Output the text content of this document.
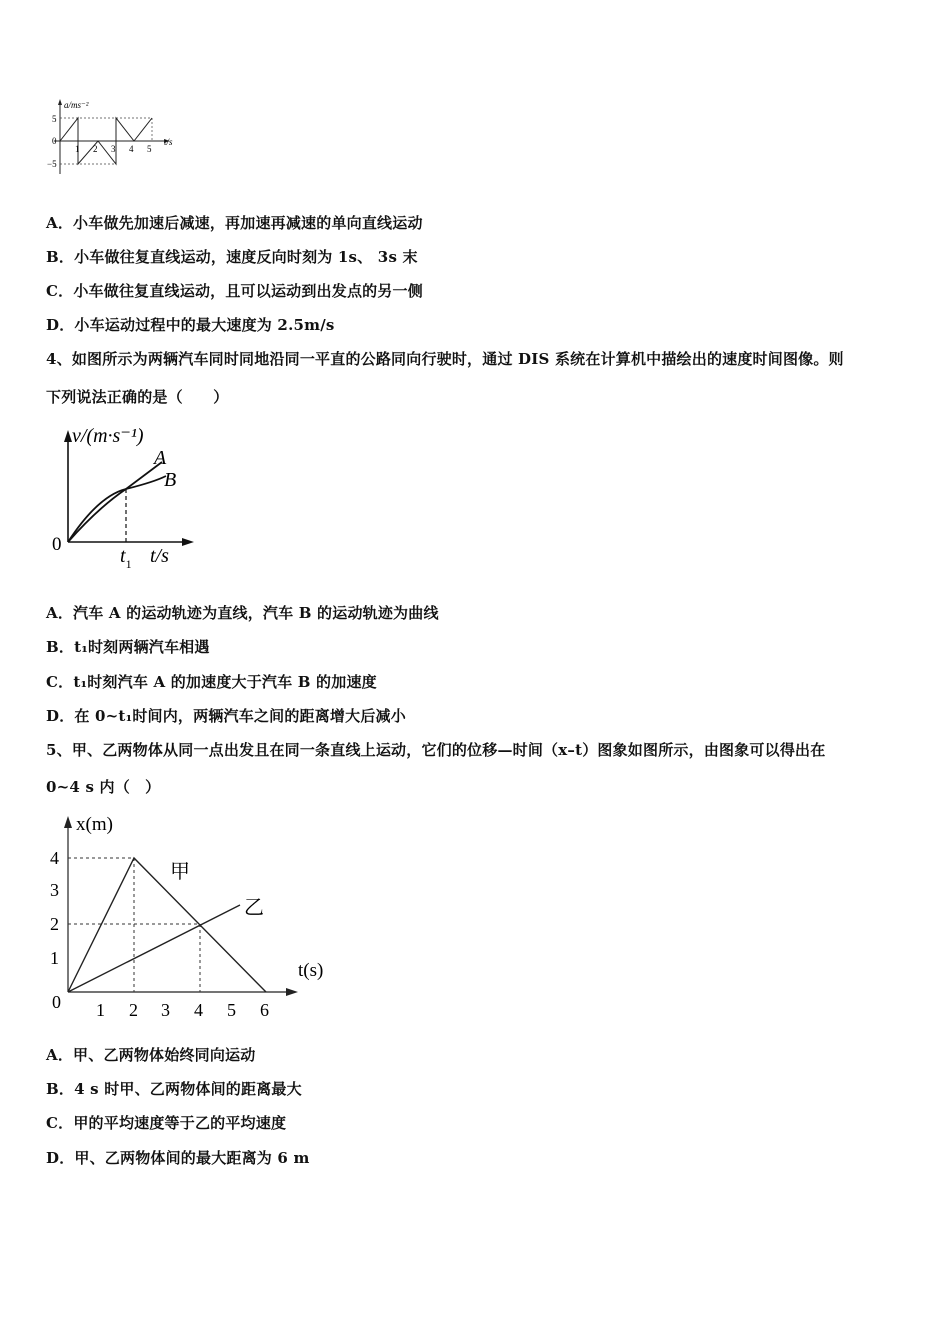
a/ms⁻²
t/s
5
0
−5
1 2 3 4 5
A．小车做先加速后减速，再加速再减速的单向直线运动
B．小车做往复直线运动，速度反向时刻为 1s、 3s 末
C．小车做往复直线运动，且可以运动到出发点的另一侧
D．小车运动过程中的最大速度为 2.5m/s
4、如图所示为两辆汽车同时同地沿同一平直的公路同向行驶时，通过 DIS 系统在计算机中描绘出的速度时间图像。则
下列说法正确的是（　　）
v/(m·s⁻¹)
t/s
0
$t_1$
A
B
A．汽车 A 的运动轨迹为直线，汽车 B 的运动轨迹为曲线
B．t₁时刻两辆汽车相遇
C．t₁时刻汽车 A 的加速度大于汽车 B 的加速度
D．在 0~t₁时间内，两辆汽车之间的距离增大后减小
5、甲、乙两物体从同一点出发且在同一条直线上运动，它们的位移—时间（x–t）图象如图所示，由图象可以得出在
0~4 s 内（　）
x(m)
t(s)
0
1
2
3
4
1 2 3 4 5 6
甲
乙
A．甲、乙两物体始终同向运动
B．4 s 时甲、乙两物体间的距离最大
C．甲的平均速度等于乙的平均速度
D．甲、乙两物体间的最大距离为 6 m
